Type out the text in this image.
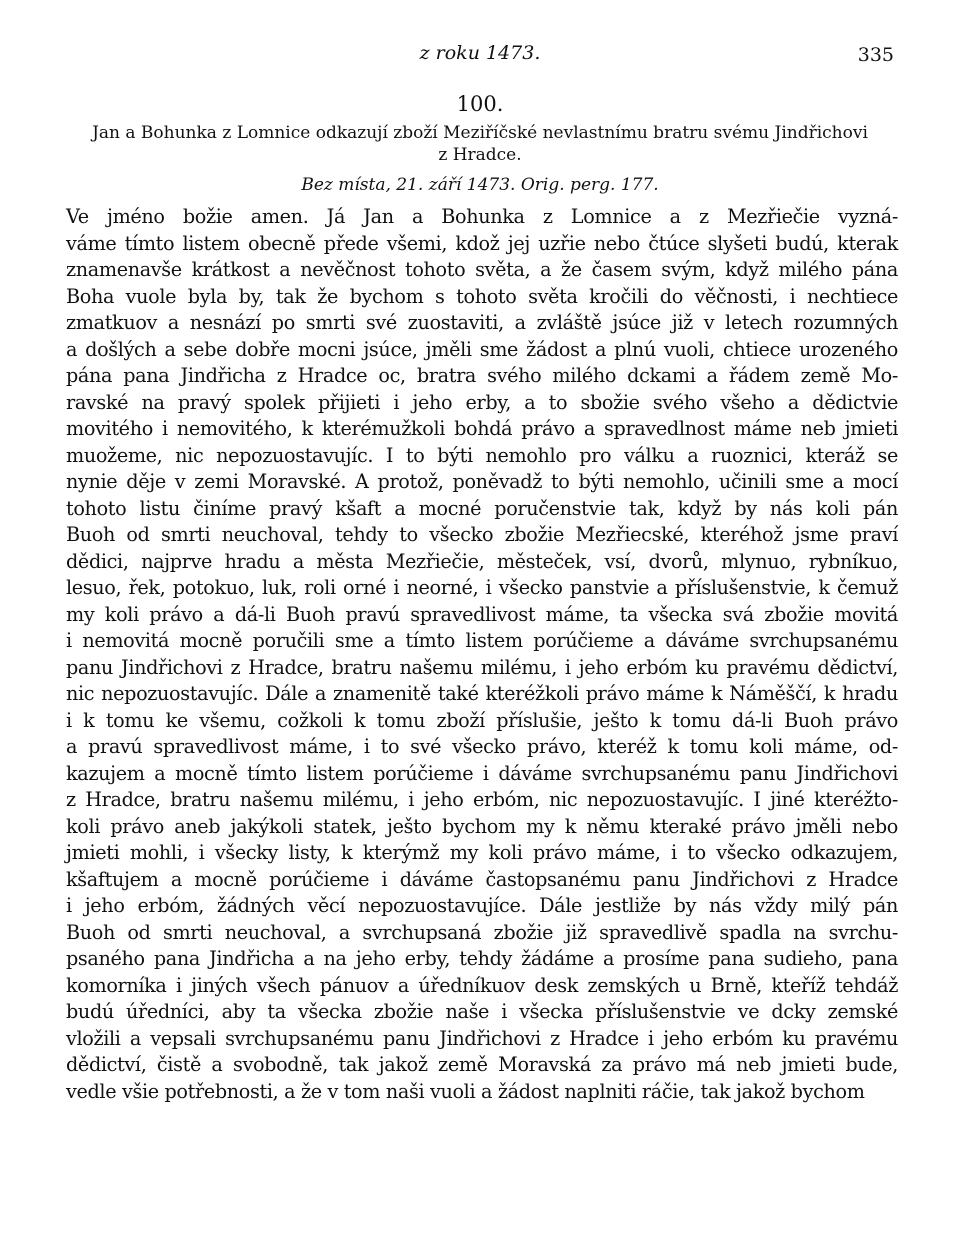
z roku 1473.	335
100.
Jan a Bohunka z Lomnice odkazují zboží Meziříčské nevlastnímu bratru svému Jindřichovi
z Hradce.
Bez místa, 21. září 1473. Orig. perg. 177.
Ve jméno božie amen. Já Jan a Bohunka z Lomnice a z Mezřiečie vyzná-
váme tímto listem obecně přede všemi, kdož jej uzřie nebo čtúce slyšeti budú, kterak
znamenavše krátkost a nevěčnost tohoto světa, a že časem svým, když milého pána
Boha vuole byla by, tak že bychom s tohoto světa kročili do věčnosti, i nechtiece
zmatkuov a nesnází po smrti své zuostaviti, a zvláště jsúce již v letech rozumných
a došlých a sebe dobře mocni jsúce, jměli sme žádost a plnú vuoli, chtiece urozeného
pána pana Jindřicha z Hradce oc, bratra svého milého dckami a řádem země Mo-
ravské na pravý spolek přijieti i jeho erby, a to sbožie svého všeho a dědictvie
movitého i nemovitého, k kterémužkoli bohdá právo a spravedlnost máme neb jmieti
muožeme, nic nepozuostavujíc. I to býti nemohlo pro válku a ruoznici, kteráž se
nynie děje v zemi Moravské. A protož, poněvadž to býti nemohlo, učinili sme a mocí
tohoto listu činíme pravý kšaft a mocné poručenstvie tak, když by nás koli pán
Buoh od smrti neuchoval, tehdy to všecko zbožie Mezřiecské, kteréhož jsme praví
dědici, najprve hradu a města Mezřiečie, městeček, vsí, dvorů, mlynuo, rybníkuo,
lesuo, řek, potokuo, luk, roli orné i neorné, i všecko panstvie a příslušenstvie, k čemuž
my koli právo a dá-li Buoh pravú spravedlivost máme, ta všecka svá zbožie movitá
i nemovitá mocně poručili sme a tímto listem porúčieme a dáváme svrchupsanému
panu Jindřichovi z Hradce, bratru našemu milému, i jeho erbóm ku pravému dědictví,
nic nepozuostavujíc. Dále a znamenitě také kteréžkoli právo máme k Náměščí, k hradu
i k tomu ke všemu, cožkoli k tomu zboží příslušie, ješto k tomu dá-li Buoh právo
a pravú spravedlivost máme, i to své všecko právo, kteréž k tomu koli máme, od-
kazujem a mocně tímto listem porúčieme i dáváme svrchupsanému panu Jindřichovi
z Hradce, bratru našemu milému, i jeho erbóm, nic nepozuostavujíc. I jiné kteréžto-
koli právo aneb jakýkoli statek, ješto bychom my k němu kteraké právo jměli nebo
jmieti mohli, i všecky listy, k kterýmž my koli právo máme, i to všecko odkazujem,
kšaftujem a mocně porúčieme i dáváme častopsanému panu Jindřichovi z Hradce
i jeho erbóm, žádných věcí nepozuostavujíce. Dále jestliže by nás vždy milý pán
Buoh od smrti neuchoval, a svrchupsaná zbožie již spravedlivě spadla na svrchu-
psaného pana Jindřicha a na jeho erby, tehdy žádáme a prosíme pana sudieho, pana
komorníka i jiných všech pánuov a úředníkuov desk zemských u Brně, kteříž tehdáž
budú úředníci, aby ta všecka zbožie naše i všecka příslušenstvie ve dcky zemské
vložili a vepsali svrchupsanému panu Jindřichovi z Hradce i jeho erbóm ku pravému
dědictví, čistě a svobodně, tak jakož země Moravská za právo má neb jmieti bude,
vedle všie potřebnosti, a že v tom naši vuoli a žádost naplniti ráčie, tak jakož bychom
